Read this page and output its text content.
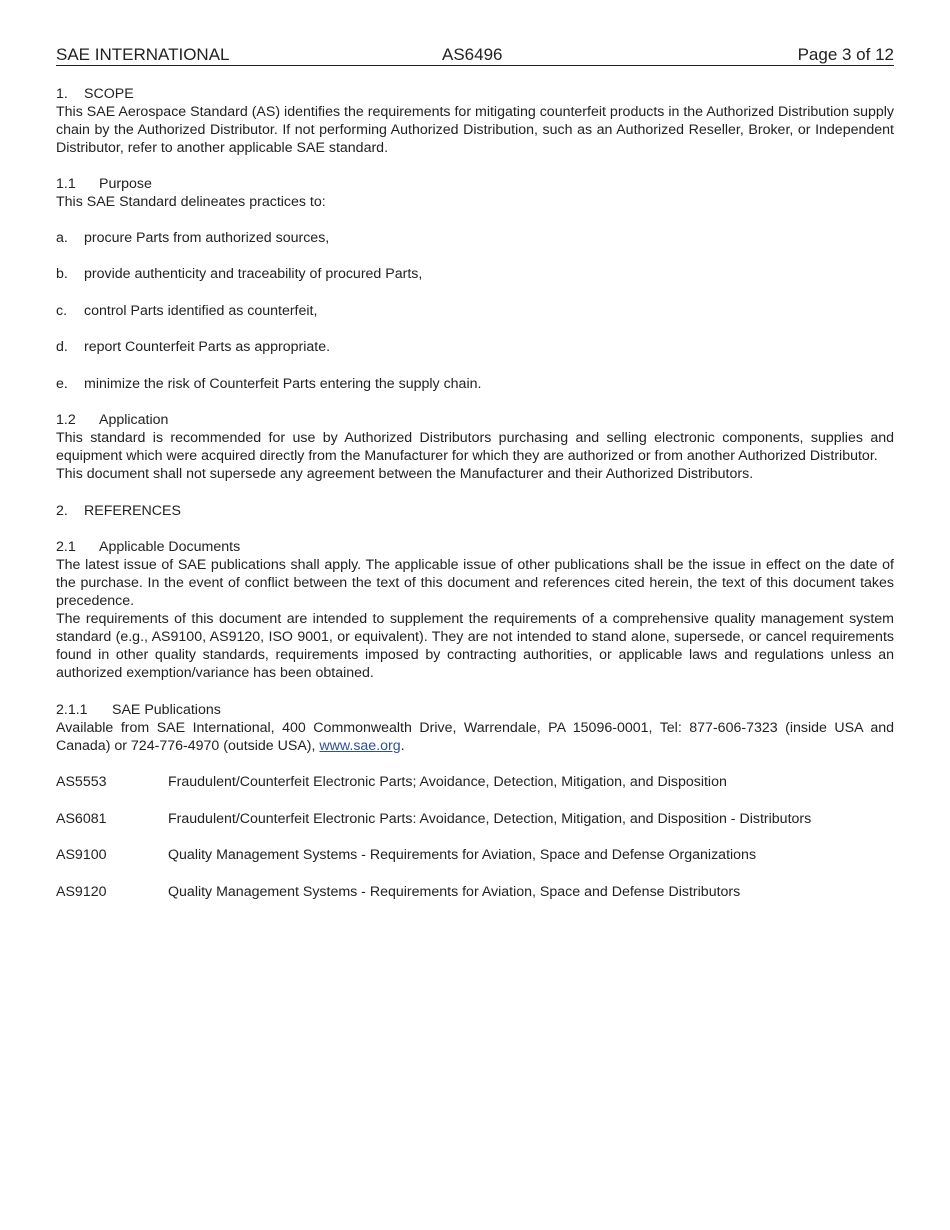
SAE INTERNATIONAL	AS6496	Page 3 of 12
1.	SCOPE

This SAE Aerospace Standard (AS) identifies the requirements for mitigating counterfeit products in the Authorized Distribution supply chain by the Authorized Distributor. If not performing Authorized Distribution, such as an Authorized Reseller, Broker, or Independent Distributor, refer to another applicable SAE standard.

1.1	Purpose

This SAE Standard delineates practices to:

a.	procure Parts from authorized sources,
b.	provide authenticity and traceability of procured Parts,
c.	control Parts identified as counterfeit,
d.	report Counterfeit Parts as appropriate.
e.	minimize the risk of Counterfeit Parts entering the supply chain.
1.2	Application

This standard is recommended for use by Authorized Distributors purchasing and selling electronic components, supplies and equipment which were acquired directly from the Manufacturer for which they are authorized or from another Authorized Distributor.

This document shall not supersede any agreement between the Manufacturer and their Authorized Distributors.

2.	REFERENCES
2.1	Applicable Documents

The latest issue of SAE publications shall apply. The applicable issue of other publications shall be the issue in effect on the date of the purchase. In the event of conflict between the text of this document and references cited herein, the text of this document takes precedence.

The requirements of this document are intended to supplement the requirements of a comprehensive quality management system standard (e.g., AS9100, AS9120, ISO 9001, or equivalent). They are not intended to stand alone, supersede, or cancel requirements found in other quality standards, requirements imposed by contracting authorities, or applicable laws and regulations unless an authorized exemption/variance has been obtained.

2.1.1	SAE Publications

Available from SAE International, 400 Commonwealth Drive, Warrendale, PA 15096-0001, Tel: 877-606-7323 (inside USA and Canada) or 724-776-4970 (outside USA), www.sae.org.

AS5553	Fraudulent/Counterfeit Electronic Parts; Avoidance, Detection, Mitigation, and Disposition
AS6081	Fraudulent/Counterfeit Electronic Parts: Avoidance, Detection, Mitigation, and Disposition - Distributors
AS9100	Quality Management Systems - Requirements for Aviation, Space and Defense Organizations
AS9120	Quality Management Systems - Requirements for Aviation, Space and Defense Distributors
